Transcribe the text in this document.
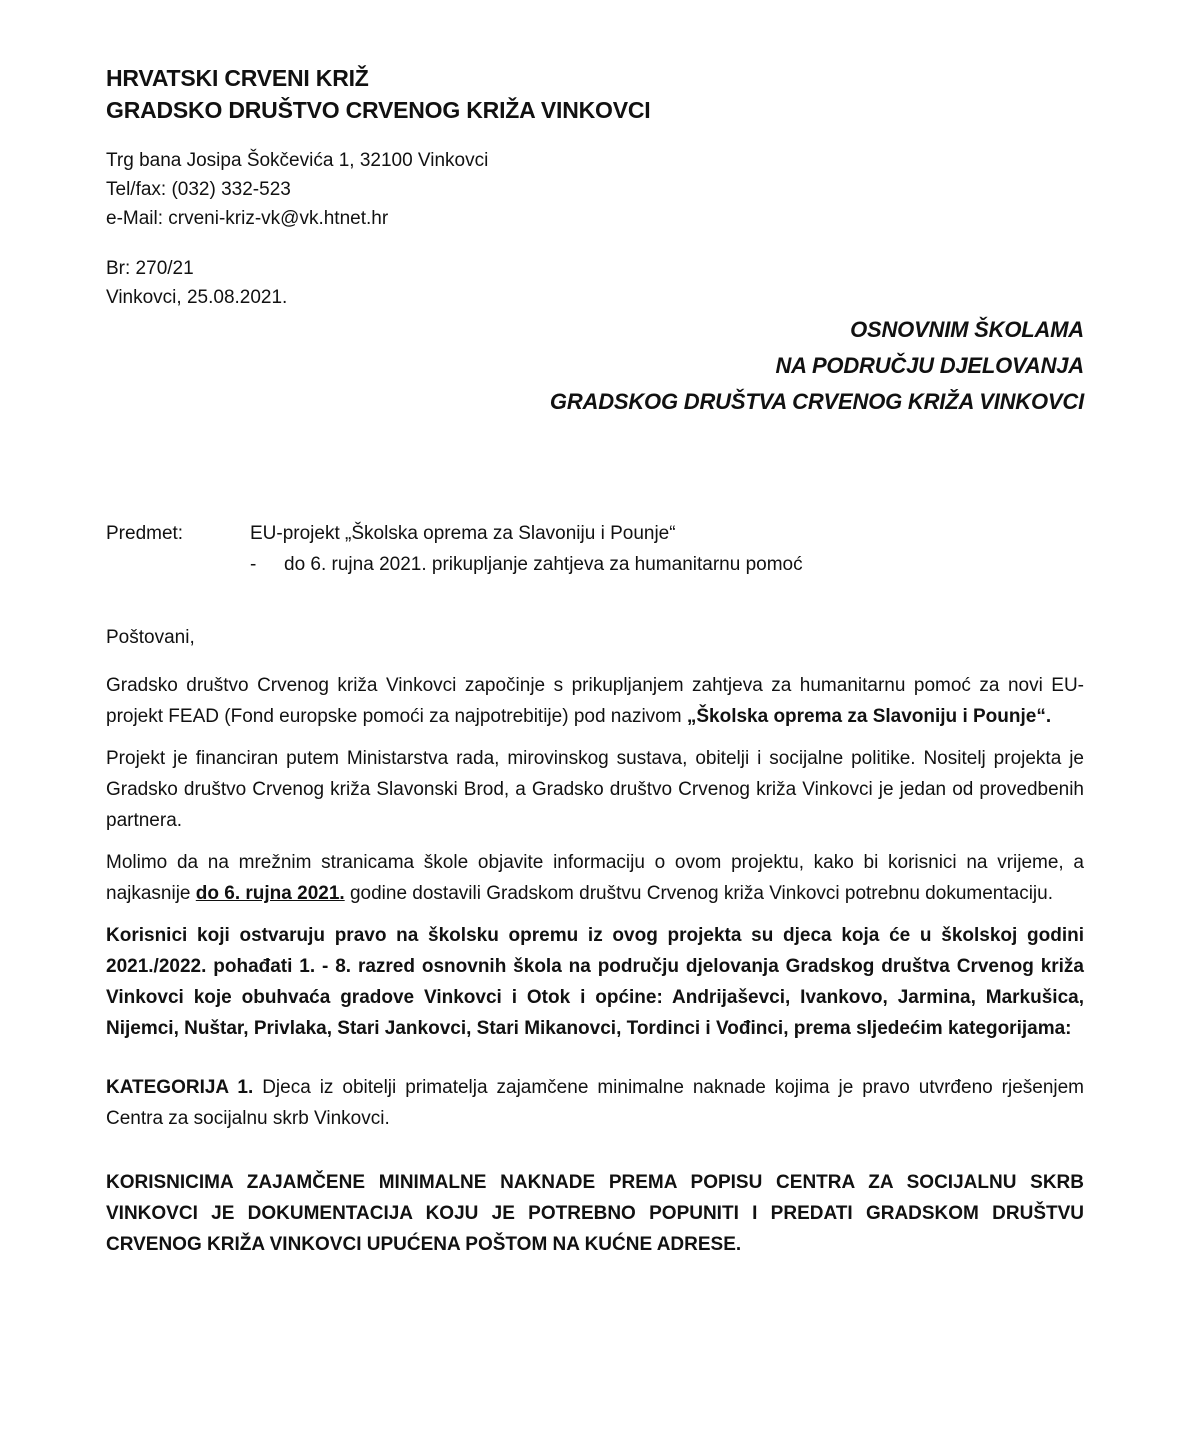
HRVATSKI CRVENI KRIŽ
GRADSKO DRUŠTVO CRVENOG KRIŽA VINKOVCI
Trg bana Josipa Šokčevića 1, 32100 Vinkovci
Tel/fax: (032) 332-523
e-Mail: crveni-kriz-vk@vk.htnet.hr
Br: 270/21
Vinkovci, 25.08.2021.
OSNOVNIM ŠKOLAMA
NA PODRUČJU DJELOVANJA
GRADSKOG DRUŠTVA CRVENOG KRIŽA VINKOVCI
Predmet:	EU-projekt „Školska oprema za Slavoniju i Pounje“
- do 6. rujna 2021. prikupljanje zahtjeva za humanitarnu pomoć

Poštovani,

Gradsko društvo Crvenog križa Vinkovci započinje s prikupljanjem zahtjeva za humanitarnu pomoć za novi EU-projekt FEAD (Fond europske pomoći za najpotrebitije) pod nazivom „Školska oprema za Slavoniju i Pounje“.

Projekt je financiran putem Ministarstva rada, mirovinskog sustava, obitelji i socijalne politike. Nositelj projekta je Gradsko društvo Crvenog križa Slavonski Brod, a Gradsko društvo Crvenog križa Vinkovci je jedan od provedbenih partnera.

Molimo da na mrežnim stranicama škole objavite informaciju o ovom projektu, kako bi korisnici na vrijeme, a najkasnije do 6. rujna 2021. godine dostavili Gradskom društvu Crvenog križa Vinkovci potrebnu dokumentaciju.

Korisnici koji ostvaruju pravo na školsku opremu iz ovog projekta su djeca koja će u školskoj godini 2021./2022. pohađati 1. - 8. razred osnovnih škola na području djelovanja Gradskog društva Crvenog križa Vinkovci koje obuhvaća gradove Vinkovci i Otok i općine: Andrijaševci, Ivankovo, Jarmina, Markušica, Nijemci, Nuštar, Privlaka, Stari Jankovci, Stari Mikanovci, Tordinci i Vođinci, prema sljedećim kategorijama:

KATEGORIJA 1. Djeca iz obitelji primatelja zajamčene minimalne naknade kojima je pravo utvrđeno rješenjem Centra za socijalnu skrb Vinkovci.

KORISNICIMA ZAJAMČENE MINIMALNE NAKNADE PREMA POPISU CENTRA ZA SOCIJALNU SKRB VINKOVCI JE DOKUMENTACIJA KOJU JE POTREBNO POPUNITI I PREDATI GRADSKOM DRUŠTVU CRVENOG KRIŽA VINKOVCI UPUĆENA POŠTOM NA KUĆNE ADRESE.
